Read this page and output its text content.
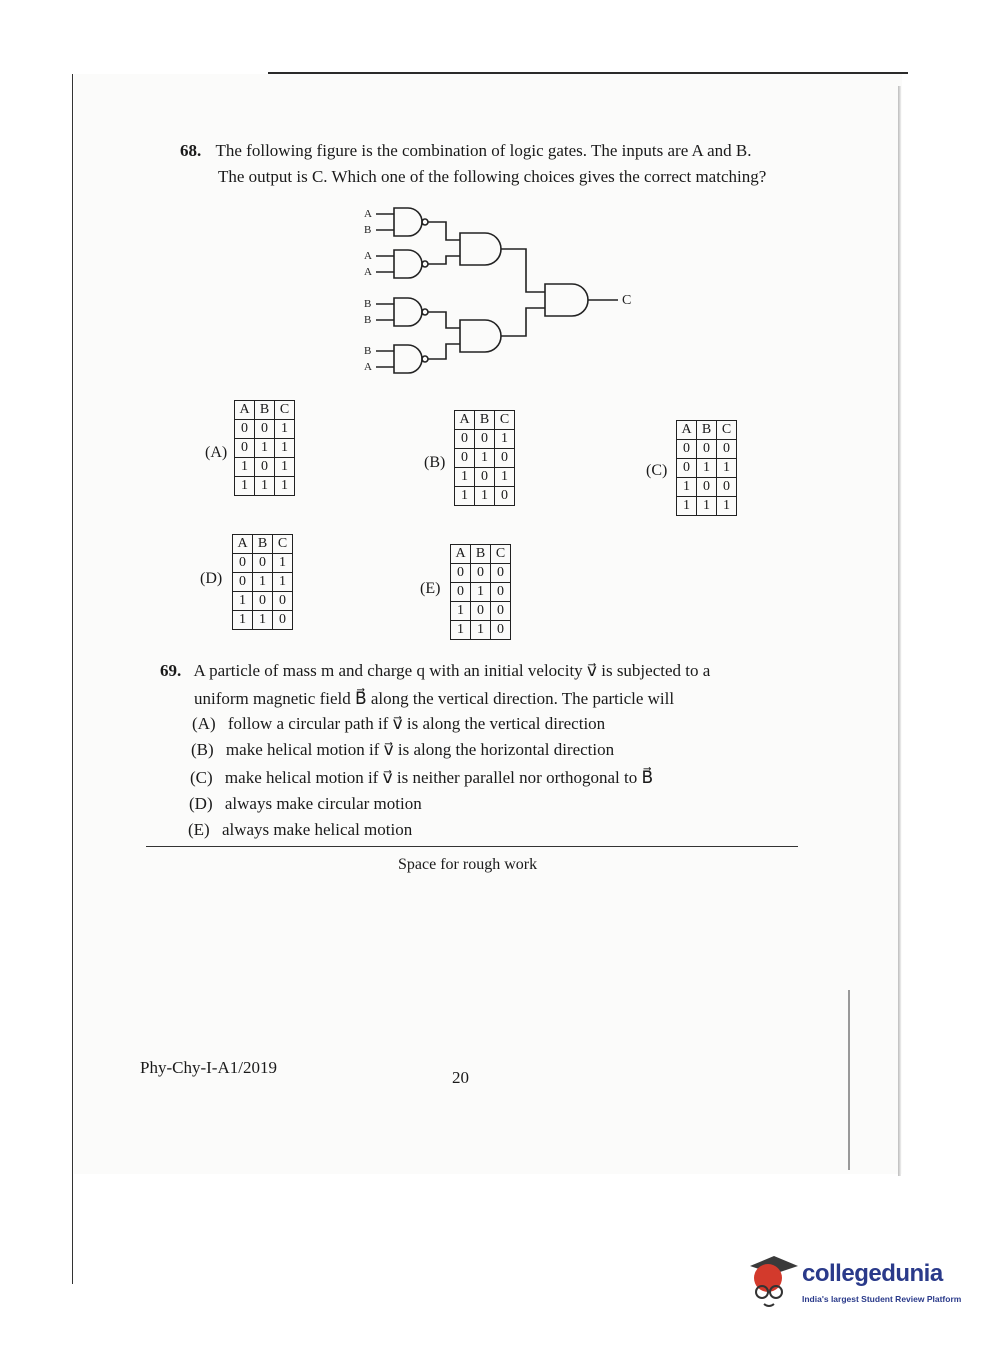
68. The following figure is the combination of logic gates. The inputs are A and B.
The output is C. Which one of the following choices gives the correct matching?
A
B
A
A
B
B
B
A
C
(A)
A	B	C
0	0	1
0	1	1
1	0	1
1	1	1
(B)
A	B	C
0	0	1
0	1	0
1	0	1
1	1	0
(C)
A	B	C
0	0	0
0	1	1
1	0	0
1	1	1
(D)
A	B	C
0	0	1
0	1	1
1	0	0
1	1	0
(E)
A	B	C
0	0	0
0	1	0
1	0	0
1	1	0
69. A particle of mass m and charge q with an initial velocity v⃗ is subjected to a
uniform magnetic field B⃗ along the vertical direction. The particle will
(A) follow a circular path if v⃗ is along the vertical direction
(B) make helical motion if v⃗ is along the horizontal direction
(C) make helical motion if v⃗ is neither parallel nor orthogonal to B⃗
(D) always make circular motion
(E) always make helical motion
Space for rough work
Phy-Chy-I-A1/2019
20
collegedunia
India's largest Student Review Platform
